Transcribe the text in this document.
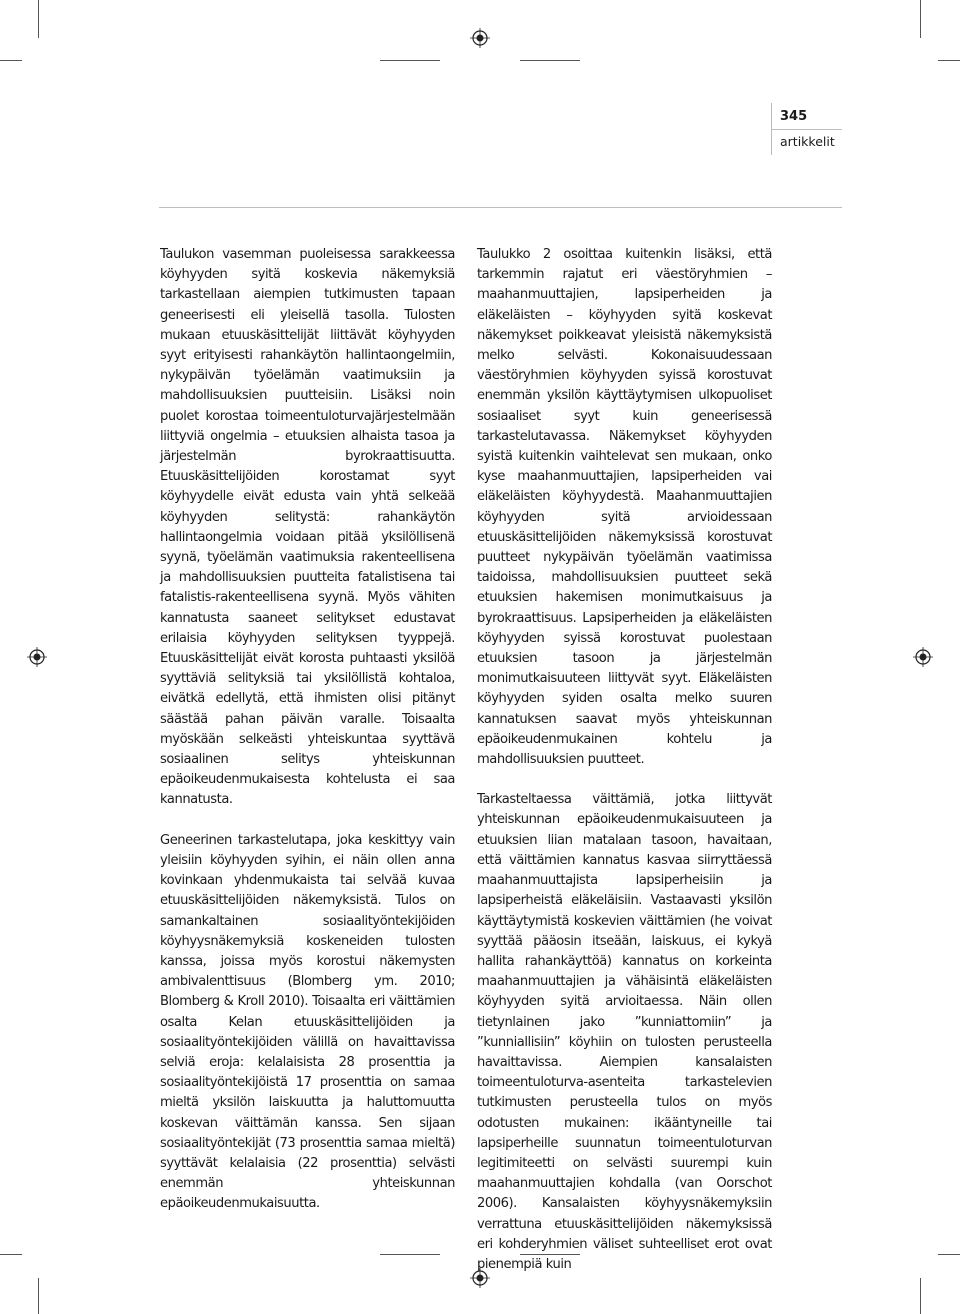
345
artikkelit

Taulukon vasemman puoleisessa sarakkeessa köyhyyden syitä koskevia näkemyksiä tarkastellaan aiempien tutkimusten tapaan geneerisesti eli yleisellä tasolla. Tulosten mukaan etuuskäsittelijät liittävät köyhyyden syyt erityisesti rahankäytön hallintaongelmiin, nykypäivän työelämän vaatimuksiin ja mahdollisuuksien puutteisiin. Lisäksi noin puolet korostaa toimeentuloturvajärjestelmään liittyviä ongelmia – etuuksien alhaista tasoa ja järjestelmän byrokraattisuutta. Etuuskäsittelijöiden korostamat syyt köyhyydelle eivät edusta vain yhtä selkeää köyhyyden selitystä: rahankäytön hallintaongelmia voidaan pitää yksilöllisenä syynä, työelämän vaatimuksia rakenteellisena ja mahdollisuuksien puutteita fatalistisena tai fatalistis-rakenteellisena syynä. Myös vähiten kannatusta saaneet selitykset edustavat erilaisia köyhyyden selityksen tyyppejä. Etuuskäsittelijät eivät korosta puhtaasti yksilöä syyttäviä selityksiä tai yksilöllistä kohtaloa, eivätkä edellytä, että ihmisten olisi pitänyt säästää pahan päivän varalle. Toisaalta myöskään selkeästi yhteiskuntaa syyttävä sosiaalinen selitys yhteiskunnan epäoikeudenmukaisesta kohtelusta ei saa kannatusta.

Geneerinen tarkastelutapa, joka keskittyy vain yleisiin köyhyyden syihin, ei näin ollen anna kovinkaan yhdenmukaista tai selvää kuvaa etuuskäsittelijöiden näkemyksistä. Tulos on samankaltainen sosiaalityöntekijöiden köyhyysnäkemyksiä koskeneiden tulosten kanssa, joissa myös korostui näkemysten ambivalenttisuus (Blomberg ym. 2010; Blomberg & Kroll 2010). Toisaalta eri väittämien osalta Kelan etuuskäsittelijöiden ja sosiaalityöntekijöiden välillä on havaittavissa selviä eroja: kelalaisista 28 prosenttia ja sosiaalityöntekijöistä 17 prosenttia on samaa mieltä yksilön laiskuutta ja haluttomuutta koskevan väittämän kanssa. Sen sijaan sosiaalityöntekijät (73 prosenttia samaa mieltä) syyttävät kelalaisia (22 prosenttia) selvästi enemmän yhteiskunnan epäoikeudenmukaisuutta.

Taulukko 2 osoittaa kuitenkin lisäksi, että tarkemmin rajatut eri väestöryhmien – maahanmuuttajien, lapsiperheiden ja eläkeläisten – köyhyyden syitä koskevat näkemykset poikkeavat yleisistä näkemyksistä melko selvästi. Kokonaisuudessaan väestöryhmien köyhyyden syissä korostuvat enemmän yksilön käyttäytymisen ulkopuoliset sosiaaliset syyt kuin geneerisessä tarkastelutavassa. Näkemykset köyhyyden syistä kuitenkin vaihtelevat sen mukaan, onko kyse maahanmuuttajien, lapsiperheiden vai eläkeläisten köyhyydestä. Maahanmuuttajien köyhyyden syitä arvioidessaan etuuskäsittelijöiden näkemyksissä korostuvat puutteet nykypäivän työelämän vaatimissa taidoissa, mahdollisuuksien puutteet sekä etuuksien hakemisen monimutkaisuus ja byrokraattisuus. Lapsiperheiden ja eläkeläisten köyhyyden syissä korostuvat puolestaan etuuksien tasoon ja järjestelmän monimutkaisuuteen liittyvät syyt. Eläkeläisten köyhyyden syiden osalta melko suuren kannatuksen saavat myös yhteiskunnan epäoikeudenmukainen kohtelu ja mahdollisuuksien puutteet.

Tarkasteltaessa väittämiä, jotka liittyvät yhteiskunnan epäoikeudenmukaisuuteen ja etuuksien liian matalaan tasoon, havaitaan, että väittämien kannatus kasvaa siirryttäessä maahanmuuttajista lapsiperheisiin ja lapsiperheistä eläkeläisiin. Vastaavasti yksilön käyttäytymistä koskevien väittämien (he voivat syyttää pääosin itseään, laiskuus, ei kykyä hallita rahankäyttöä) kannatus on korkeinta maahanmuuttajien ja vähäisintä eläkeläisten köyhyyden syitä arvioitaessa. Näin ollen tietynlainen jako ”kunniattomiin” ja ”kunniallisiin” köyhiin on tulosten perusteella havaittavissa. Aiempien kansalaisten toimeentuloturva-asenteita tarkastelevien tutkimusten perusteella tulos on myös odotusten mukainen: ikääntyneille tai lapsiperheille suunnatun toimeentuloturvan legitimiteetti on selvästi suurempi kuin maahanmuuttajien kohdalla (van Oorschot 2006). Kansalaisten köyhyysnäkemyksiin verrattuna etuuskäsittelijöiden näkemyksissä eri kohderyhmien väliset suhteelliset erot ovat pienempiä kuin
